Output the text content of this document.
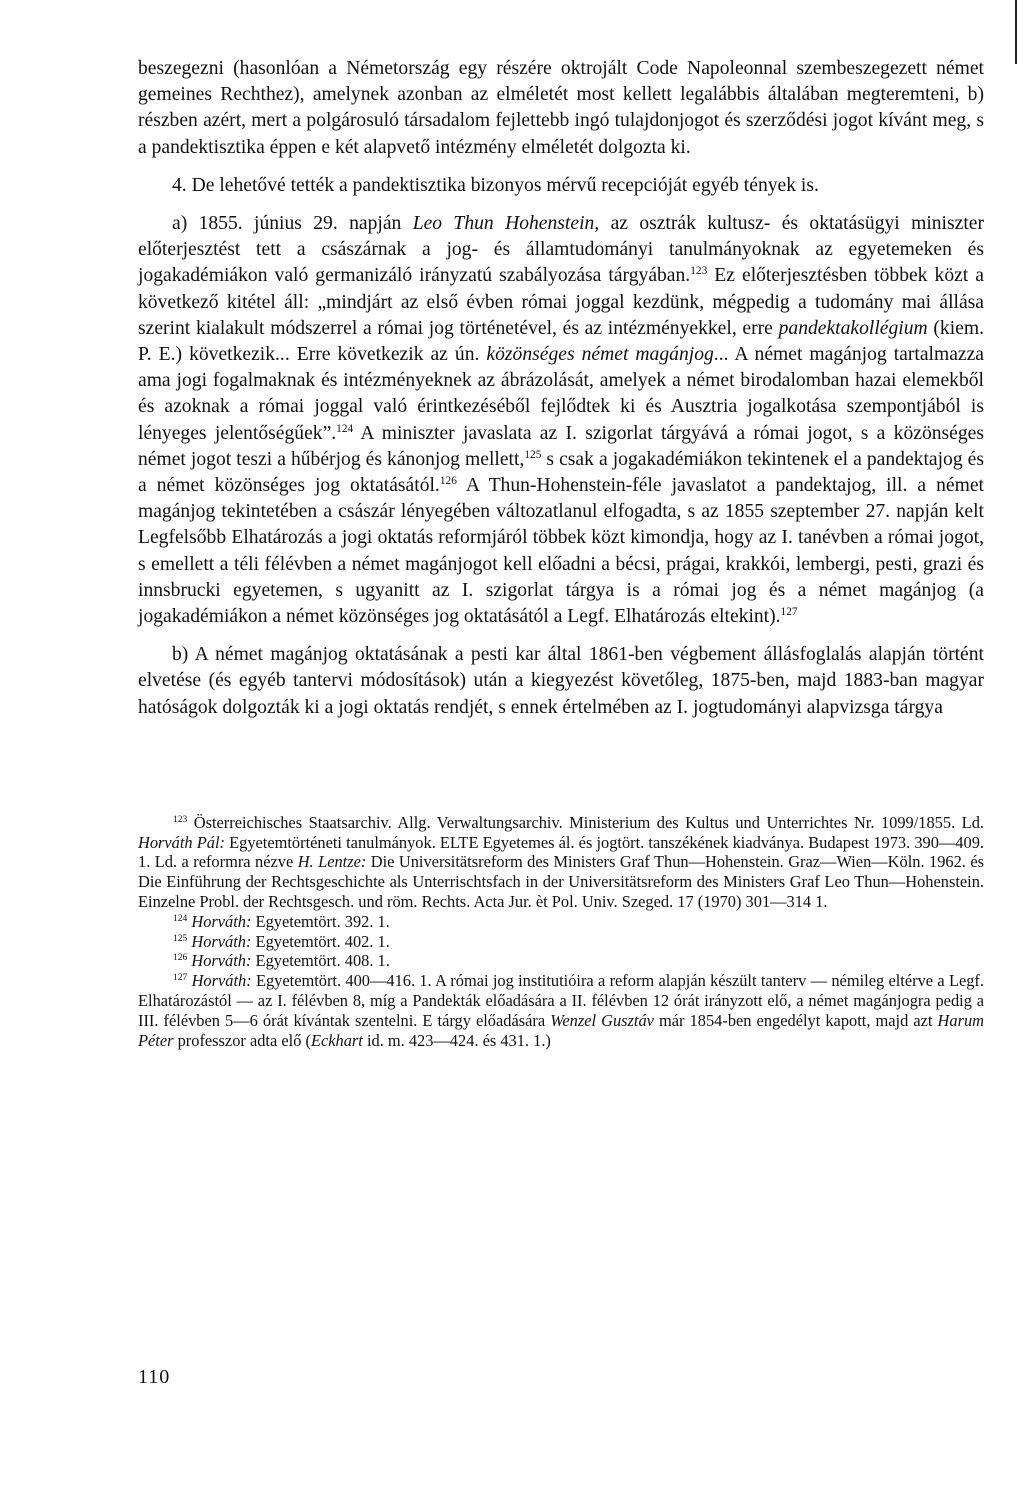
beszegezni (hasonlóan a Németország egy részére oktrojált Code Napoleonnal szembeszegezett német gemeines Rechthez), amelynek azonban az elméletét most kellett legalábbis általában megteremteni, b) részben azért, mert a polgárosuló társadalom fejlettebb ingó tulajdonjogot és szerződési jogot kívánt meg, s a pandektisztika éppen e két alapvető intézmény elméletét dolgozta ki.

4. De lehetővé tették a pandektisztika bizonyos mérvű recepcióját egyéb tények is.

a) 1855. június 29. napján Leo Thun Hohenstein, az osztrák kultusz- és oktatásügyi miniszter előterjesztést tett a császárnak a jog- és államtudományi tanulmányoknak az egyetemeken és jogakadémiákon való germanizáló irányzatú szabályozása tárgyában.$^{123}$ Ez előterjesztésben többek közt a következő kitétel áll: „mindjárt az első évben római joggal kezdünk, mégpedig a tudomány mai állása szerint kialakult módszerrel a római jog történetével, és az intézményekkel, erre pandektakollégium (kiem. P. E.) következik... Erre következik az ún. közönséges német magánjog... A német magánjog tartalmazza ama jogi fogalmaknak és intézményeknek az ábrázolását, amelyek a német birodalomban hazai elemekből és azoknak a római joggal való érintkezéséből fejlődtek ki és Ausztria jogalkotása szempontjából is lényeges jelentőségűek”.$^{124}$ A miniszter javaslata az I. szigorlat tárgyává a római jogot, s a közönséges német jogot teszi a hűbérjog és kánonjog mellett,$^{125}$ s csak a jogakadémiákon tekintenek el a pandektajog és a német közönséges jog oktatásától.$^{126}$ A Thun-Hohenstein-féle javaslatot a pandektajog, ill. a német magánjog tekintetében a császár lényegében változatlanul elfogadta, s az 1855 szeptember 27. napján kelt Legfelsőbb Elhatározás a jogi oktatás reformjáról többek közt kimondja, hogy az I. tanévben a római jogot, s emellett a téli félévben a német magánjogot kell előadni a bécsi, prágai, krakkói, lembergi, pesti, grazi és innsbrucki egyetemen, s ugyanitt az I. szigorlat tárgya is a római jog és a német magánjog (a jogakadémiákon a német közönséges jog oktatásától a Legf. Elhatározás eltekint).$^{127}$

b) A német magánjog oktatásának a pesti kar által 1861-ben végbement állásfoglalás alapján történt elvetése (és egyéb tantervi módosítások) után a kiegyezést követőleg, 1875-ben, majd 1883-ban magyar hatóságok dolgozták ki a jogi oktatás rendjét, s ennek értelmében az I. jogtudományi alapvizsga tárgya

$^{123}$ Österreichisches Staatsarchiv. Allg. Verwaltungsarchiv. Ministerium des Kultus und Unterrichtes Nr. 1099/1855. Ld. Horváth Pál: Egyetemtörténeti tanulmányok. ELTE Egyetemes ál. és jogtört. tanszékének kiadványa. Budapest 1973. 390—409. 1. Ld. a reformra nézve H. Lentze: Die Universitätsreform des Ministers Graf Thun—Hohenstein. Graz—Wien—Köln. 1962. és Die Einführung der Rechtsgeschichte als Unterrischtsfach in der Universitätsreform des Ministers Graf Leo Thun—Hohenstein. Einzelne Probl. der Rechtsgesch. und röm. Rechts. Acta Jur. èt Pol. Univ. Szeged. 17 (1970) 301—314 1.

$^{124}$ Horváth: Egyetemtört. 392. 1.

$^{125}$ Horváth: Egyetemtört. 402. 1.

$^{126}$ Horváth: Egyetemtört. 408. 1.

$^{127}$ Horváth: Egyetemtört. 400—416. 1. A római jog institutióira a reform alapján készült tanterv — némileg eltérve a Legf. Elhatározástól — az I. félévben 8, míg a Pandekták előadására a II. félévben 12 órát irányzott elő, a német magánjogra pedig a III. félévben 5—6 órát kívántak szentelni. E tárgy előadására Wenzel Gusztáv már 1854-ben engedélyt kapott, majd azt Harum Péter professzor adta elő (Eckhart id. m. 423—424. és 431. 1.)

110
